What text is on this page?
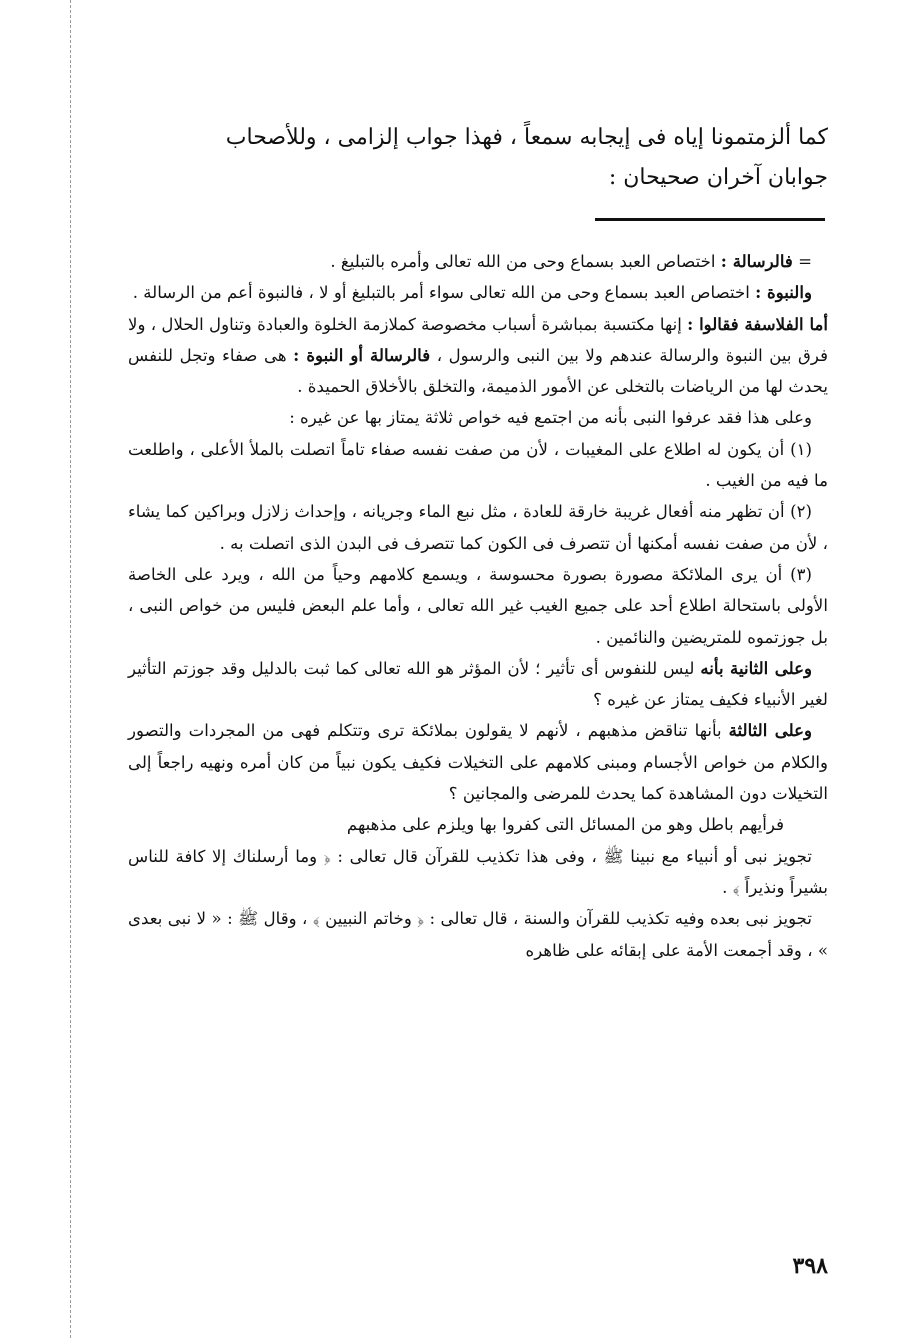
كما ألزمتمونا إياه فى إيجابه سمعاً ، فهذا جواب إلزامى ، وللأصحاب

جوابان آخران صحيحان :

= فالرسالة : اختصاص العبد بسماع وحى من الله تعالى وأمره بالتبليغ .

والنبوة : اختصاص العبد بسماع وحى من الله تعالى سواء أمر بالتبليغ أو لا ، فالنبوة أعم من الرسالة .

أما الفلاسفة فقالوا : إنها مكتسبة بمباشرة أسباب مخصوصة كملازمة الخلوة والعبادة وتناول الحلال ، ولا فرق بين النبوة والرسالة عندهم ولا بين النبى والرسول ، فالرسالة أو النبوة : هى صفاء وتجل للنفس يحدث لها من الرياضات بالتخلى عن الأمور الذميمة، والتخلق بالأخلاق الحميدة .

وعلى هذا فقد عرفوا النبى بأنه من اجتمع فيه خواص ثلاثة يمتاز بها عن غيره :

(١) أن يكون له اطلاع على المغيبات ، لأن من صفت نفسه صفاء تاماً اتصلت بالملأ الأعلى ، واطلعت ما فيه من الغيب .

(٢) أن تظهر منه أفعال غريبة خارقة للعادة ، مثل نبع الماء وجريانه ، وإحداث زلازل وبراكين كما يشاء ، لأن من صفت نفسه أمكنها أن تتصرف فى الكون كما تتصرف فى البدن الذى اتصلت به .

(٣) أن يرى الملائكة مصورة بصورة محسوسة ، ويسمع كلامهم وحياً من الله ، ويرد على الخاصة الأولى باستحالة اطلاع أحد على جميع الغيب غير الله تعالى ، وأما علم البعض فليس من خواص النبى ، بل جوزتموه للمتريضين والنائمين .

وعلى الثانية بأنه ليس للنفوس أى تأثير ؛ لأن المؤثر هو الله تعالى كما ثبت بالدليل وقد جوزتم التأثير لغير الأنبياء فكيف يمتاز عن غيره ؟

وعلى الثالثة بأنها تناقض مذهبهم ، لأنهم لا يقولون بملائكة ترى وتتكلم فهى من المجردات والتصور والكلام من خواص الأجسام ومبنى كلامهم على التخيلات فكيف يكون نبياً من كان أمره ونهيه راجعاً إلى التخيلات دون المشاهدة كما يحدث للمرضى والمجانين ؟

فرأيهم باطل وهو من المسائل التى كفروا بها ويلزم على مذهبهم

تجويز نبى أو أنبياء مع نبينا ﷺ ، وفى هذا تكذيب للقرآن قال تعالى : ﴿ وما أرسلناك إلا كافة للناس بشيراً ونذيراً ﴾ .

تجويز نبى بعده وفيه تكذيب للقرآن والسنة ، قال تعالى : ﴿ وخاتم النبيين ﴾ ، وقال ﷺ : « لا نبى بعدى » ، وقد أجمعت الأمة على إبقائه على ظاهره

٣٩٨
